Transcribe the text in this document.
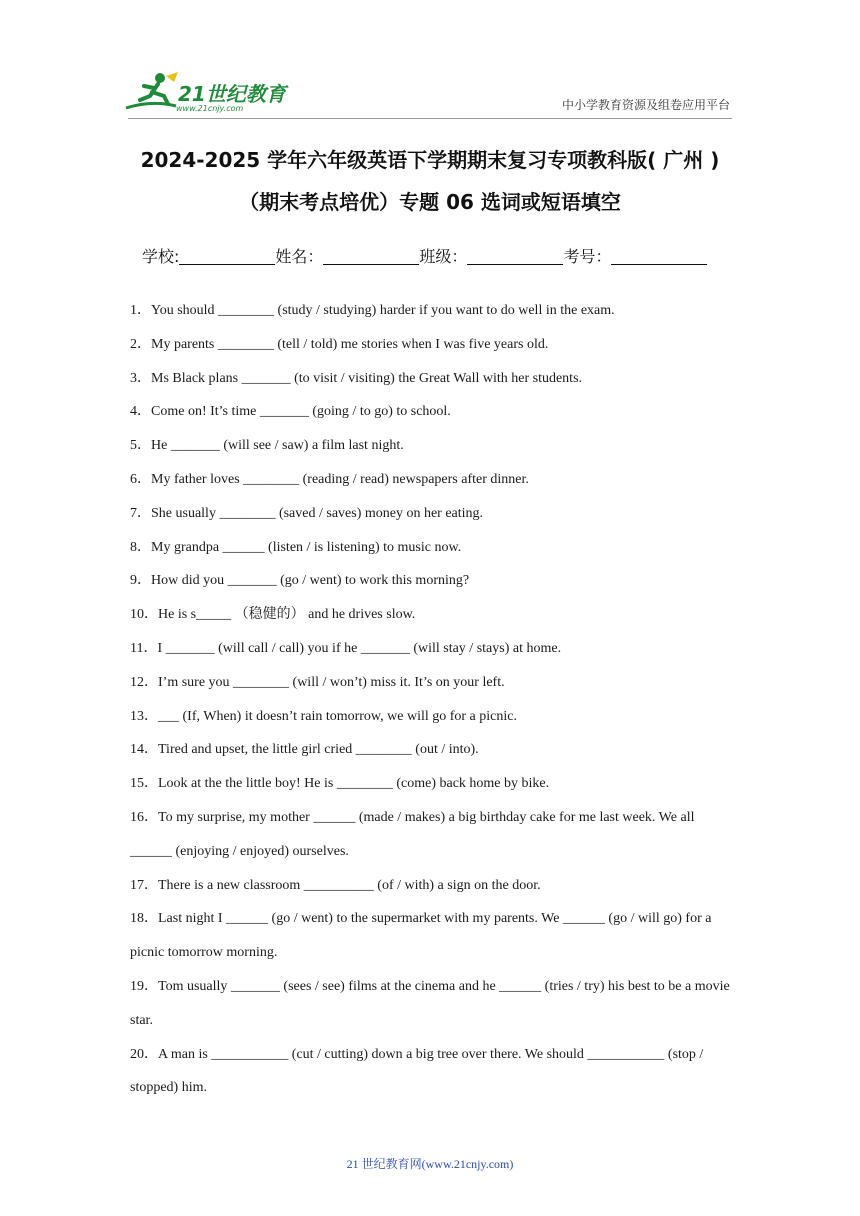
21世纪教育
www.21cnjy.com	中小学教育资源及组卷应用平台
2024-2025 学年六年级英语下学期期末复习专项教科版( 广州 )
（期末考点培优）专题 06 选词或短语填空
学校:	姓名：	班级：	考号：
1．You should ________ (study / studying) harder if you want to do well in the exam.
2．My parents ________ (tell / told) me stories when I was five years old.
3．Ms Black plans _______ (to visit / visiting) the Great Wall with her students.
4．Come on! It’s time _______ (going / to go) to school.
5．He _______ (will see / saw) a film last night.
6．My father loves ________ (reading / read) newspapers after dinner.
7．She usually ________ (saved / saves) money on her eating.
8．My grandpa ______ (listen / is listening) to music now.
9．How did you _______ (go / went) to work this morning?
10．He is s_____ （稳健的） and he drives slow.
11．I _______ (will call / call) you if he _______ (will stay / stays) at home.
12．I’m sure you ________ (will / won’t) miss it. It’s on your left.
13．___ (If, When) it doesn’t rain tomorrow, we will go for a picnic.
14．Tired and upset, the little girl cried ________ (out / into).
15．Look at the the little boy! He is ________ (come) back home by bike.
16．To my surprise, my mother ______ (made / makes) a big birthday cake for me last week. We all ______ (enjoying / enjoyed) ourselves.
17．There is a new classroom __________ (of / with) a sign on the door.
18．Last night I ______ (go / went) to the supermarket with my parents. We ______ (go / will go) for a picnic tomorrow morning.
19．Tom usually _______ (sees / see) films at the cinema and he ______ (tries / try) his best to be a movie star.
20．A man is ___________ (cut / cutting) down a big tree over there. We should ___________ (stop / stopped) him.
21 世纪教育网(www.21cnjy.com)
